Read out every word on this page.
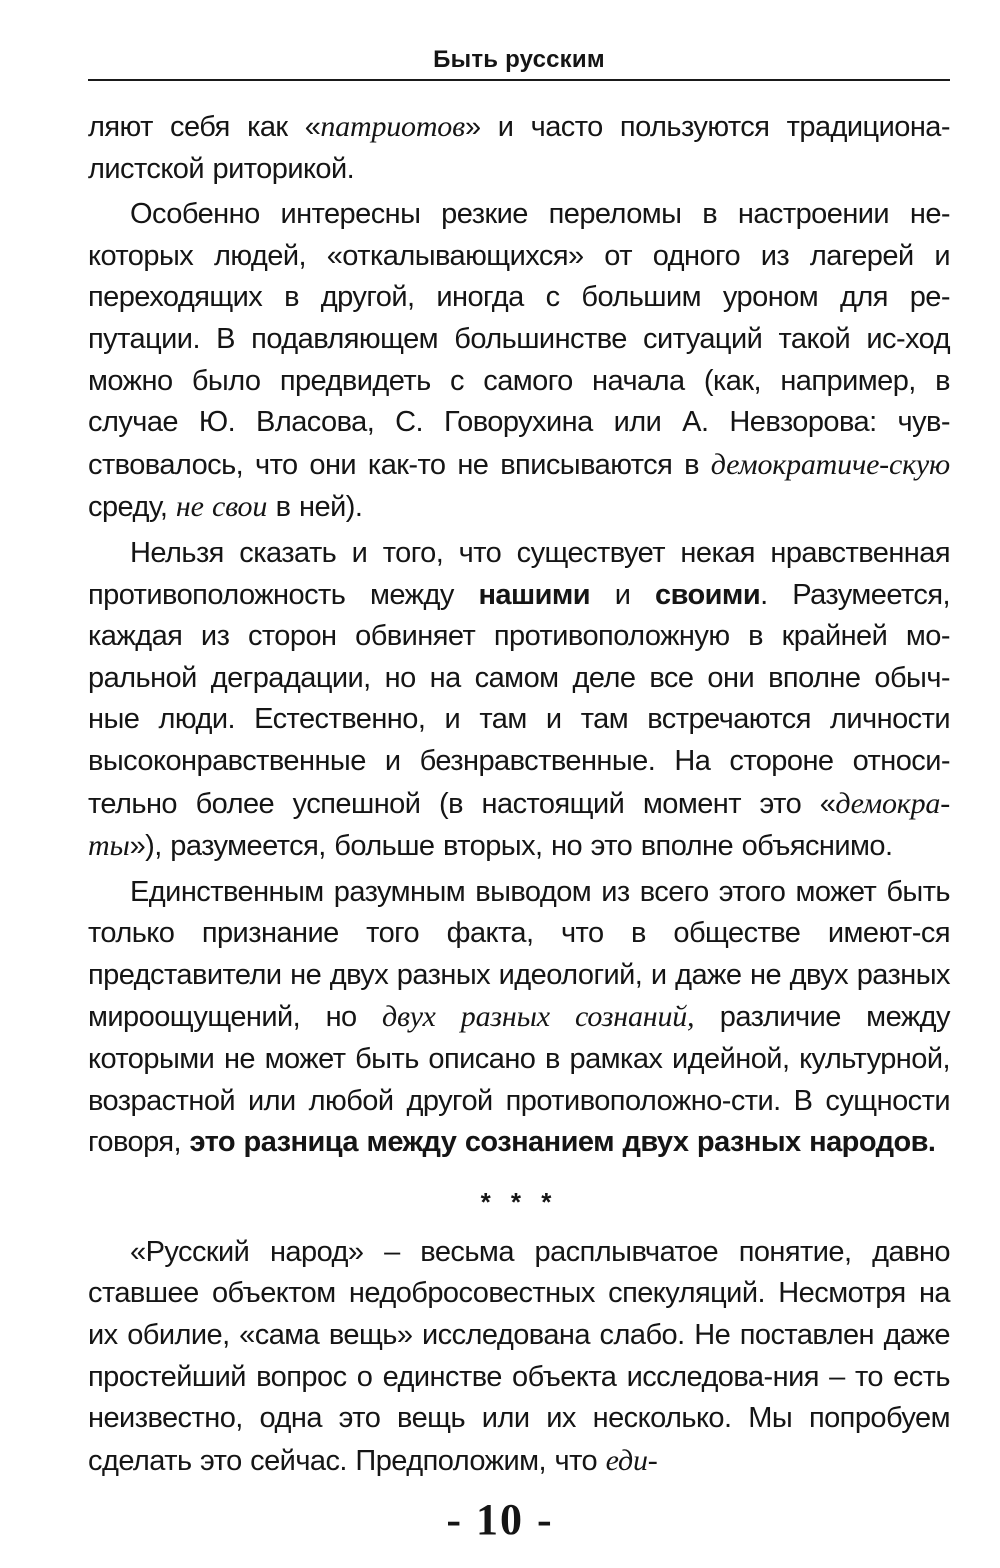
Быть русским

ляют себя как «патриотов» и часто пользуются традициона-листской риторикой.

Особенно интересны резкие переломы в настроении не-которых людей, «откалывающихся» от одного из лагерей и переходящих в другой, иногда с большим уроном для ре-путации. В подавляющем большинстве ситуаций такой ис-ход можно было предвидеть с самого начала (как, например, в случае Ю. Власова, С. Говорухина или А. Невзорова: чув-ствовалось, что они как-то не вписываются в демократиче-скую среду, не свои в ней).

Нельзя сказать и того, что существует некая нравственная противоположность между нашими и своими. Разумеется, каждая из сторон обвиняет противоположную в крайней мо-ральной деградации, но на самом деле все они вполне обыч-ные люди. Естественно, и там и там встречаются личности высоконравственные и безнравственные. На стороне относи-тельно более успешной (в настоящий момент это «демокра-ты»), разумеется, больше вторых, но это вполне объяснимо.

Единственным разумным выводом из всего этого может быть только признание того факта, что в обществе имеют-ся представители не двух разных идеологий, и даже не двух разных мироощущений, но двух разных сознаний, различие между которыми не может быть описано в рамках идейной, культурной, возрастной или любой другой противоположно-сти. В сущности говоря, это разница между сознанием двух разных народов.

* * *

«Русский народ» – весьма расплывчатое понятие, давно ставшее объектом недобросовестных спекуляций. Несмотря на их обилие, «сама вещь» исследована слабо. Не поставлен даже простейший вопрос о единстве объекта исследова-ния – то есть неизвестно, одна это вещь или их несколько. Мы попробуем сделать это сейчас. Предположим, что еди-

- 10 -
